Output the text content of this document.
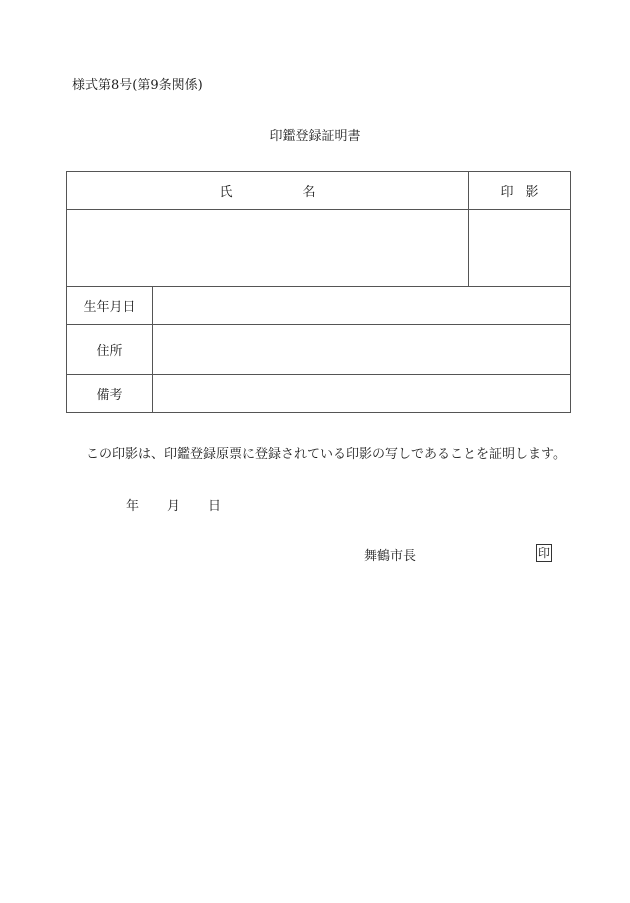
様式第8号(第9条関係)
印鑑登録証明書
氏 名		印 影

生年月日		
住所		
備考		
この印影は、印鑑登録原票に登録されている印影の写しであることを証明します。
年 月 日
舞鶴市長	印
